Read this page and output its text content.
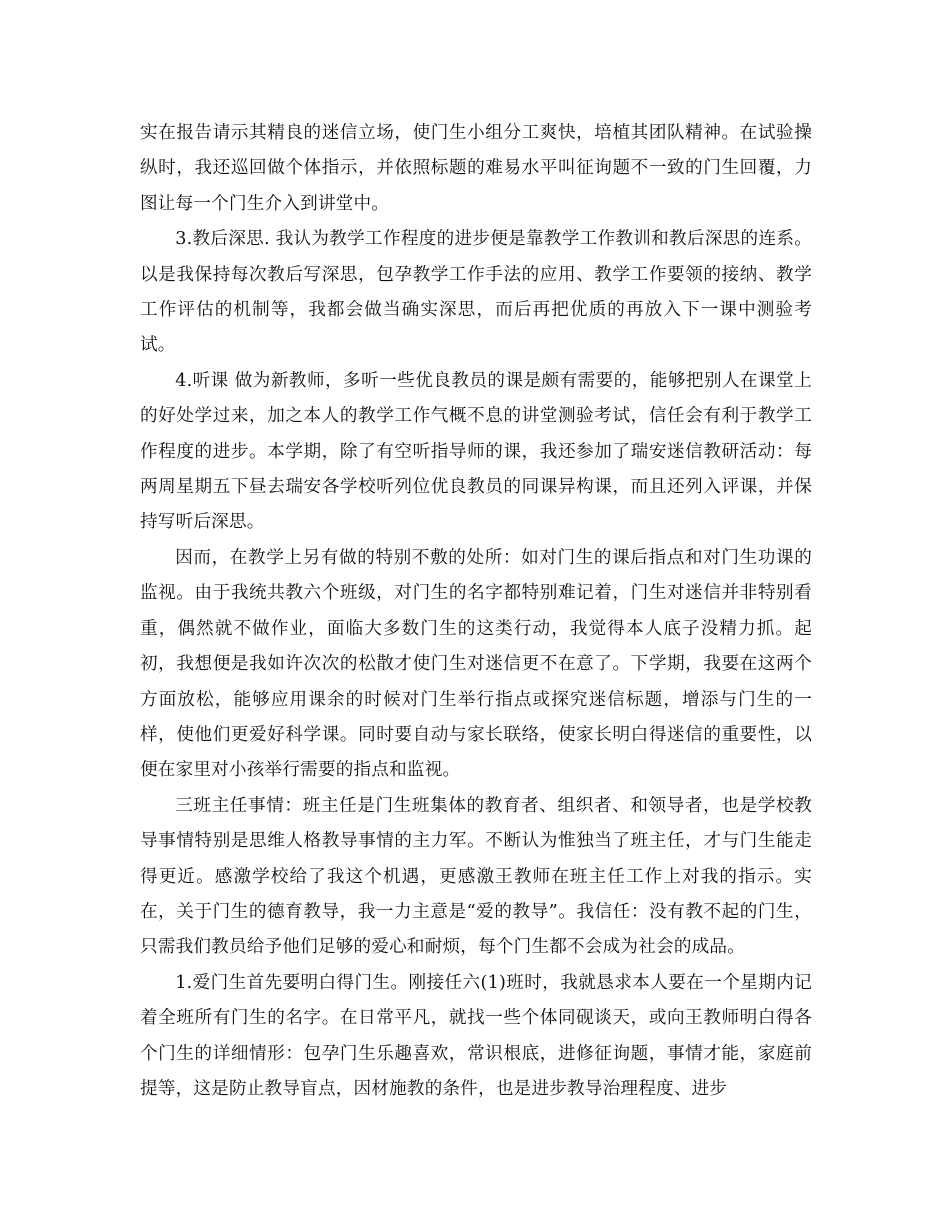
实在报告请示其精良的迷信立场，使门生小组分工爽快，培植其团队精神。在试验操纵时，我还巡回做个体指示，并依照标题的难易水平叫征询题不一致的门生回覆，力图让每一个门生介入到讲堂中。

3.教后深思. 我认为教学工作程度的进步便是靠教学工作教训和教后深思的连系。以是我保持每次教后写深思，包孕教学工作手法的应用、教学工作要领的接纳、教学工作评估的机制等，我都会做当确实深思，而后再把优质的再放入下一课中测验考试。

4.听课 做为新教师，多听一些优良教员的课是颇有需要的，能够把别人在课堂上的好处学过来，加之本人的教学工作气概不息的讲堂测验考试，信任会有利于教学工作程度的进步。本学期，除了有空听指导师的课，我还参加了瑞安迷信教研活动：每两周星期五下昼去瑞安各学校听列位优良教员的同课异构课，而且还列入评课，并保持写听后深思。

因而，在教学上另有做的特别不敷的处所：如对门生的课后指点和对门生功课的监视。由于我统共教六个班级，对门生的名字都特别难记着，门生对迷信并非特别看重，偶然就不做作业，面临大多数门生的这类行动，我觉得本人底子没精力抓。起初，我想便是我如许次次的松散才使门生对迷信更不在意了。下学期，我要在这两个方面放松，能够应用课余的时候对门生举行指点或探究迷信标题，增添与门生的一样，使他们更爱好科学课。同时要自动与家长联络，使家长明白得迷信的重要性，以便在家里对小孩举行需要的指点和监视。

三班主任事情：班主任是门生班集体的教育者、组织者、和领导者，也是学校教导事情特别是思维人格教导事情的主力军。不断认为惟独当了班主任，才与门生能走得更近。感激学校给了我这个机遇，更感激王教师在班主任工作上对我的指示。实在，关于门生的德育教导，我一力主意是“爱的教导”。我信任：没有教不起的门生，只需我们教员给予他们足够的爱心和耐烦，每个门生都不会成为社会的成品。

1.爱门生首先要明白得门生。刚接任六(1)班时，我就恳求本人要在一个星期内记着全班所有门生的名字。在日常平凡，就找一些个体同砚谈天，或向王教师明白得各个门生的详细情形：包孕门生乐趣喜欢，常识根底，进修征询题，事情才能，家庭前提等，这是防止教导盲点，因材施教的条件，也是进步教导治理程度、进步
